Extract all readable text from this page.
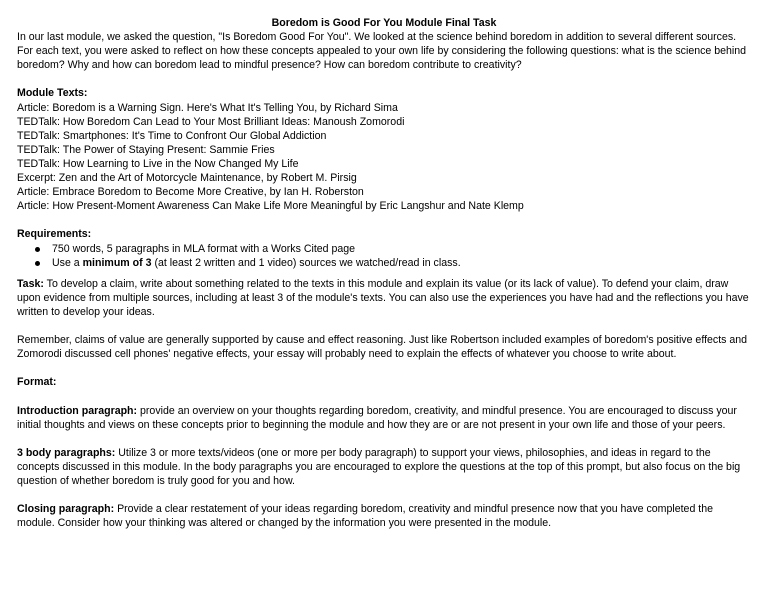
Boredom is Good For You Module Final Task

In our last module, we asked the question, "Is Boredom Good For You". We looked at the science behind boredom in addition to several different sources. For each text, you were asked to reflect on how these concepts appealed to your own life by considering the following questions: what is the science behind boredom? Why and how can boredom lead to mindful presence? How can boredom contribute to creativity?

Module Texts:

Article: Boredom is a Warning Sign. Here's What It's Telling You, by Richard Sima
TEDTalk: How Boredom Can Lead to Your Most Brilliant Ideas: Manoush Zomorodi
TEDTalk: Smartphones: It's Time to Confront Our Global Addiction
TEDTalk: The Power of Staying Present: Sammie Fries
TEDTalk: How Learning to Live in the Now Changed My Life
Excerpt: Zen and the Art of Motorcycle Maintenance, by Robert M. Pirsig
Article: Embrace Boredom to Become More Creative, by Ian H. Roberston
Article: How Present-Moment Awareness Can Make Life More Meaningful by Eric Langshur and Nate Klemp

Requirements:

750 words, 5 paragraphs in MLA format with a Works Cited page
Use a minimum of 3 (at least 2 written and 1 video) sources we watched/read in class.

Task: To develop a claim, write about something related to the texts in this module and explain its value (or its lack of value). To defend your claim, draw upon evidence from multiple sources, including at least 3 of the module's texts. You can also use the experiences you have had and the reflections you have written to develop your ideas.

Remember, claims of value are generally supported by cause and effect reasoning. Just like Robertson included examples of boredom's positive effects and Zomorodi discussed cell phones' negative effects, your essay will probably need to explain the effects of whatever you choose to write about.

Format:

Introduction paragraph: provide an overview on your thoughts regarding boredom, creativity, and mindful presence. You are encouraged to discuss your initial thoughts and views on these concepts prior to beginning the module and how they are or are not present in your own life and those of your peers.

3 body paragraphs: Utilize 3 or more texts/videos (one or more per body paragraph) to support your views, philosophies, and ideas in regard to the concepts discussed in this module. In the body paragraphs you are encouraged to explore the questions at the top of this prompt, but also focus on the big question of whether boredom is truly good for you and how.

Closing paragraph: Provide a clear restatement of your ideas regarding boredom, creativity and mindful presence now that you have completed the module. Consider how your thinking was altered or changed by the information you were presented in the module.
